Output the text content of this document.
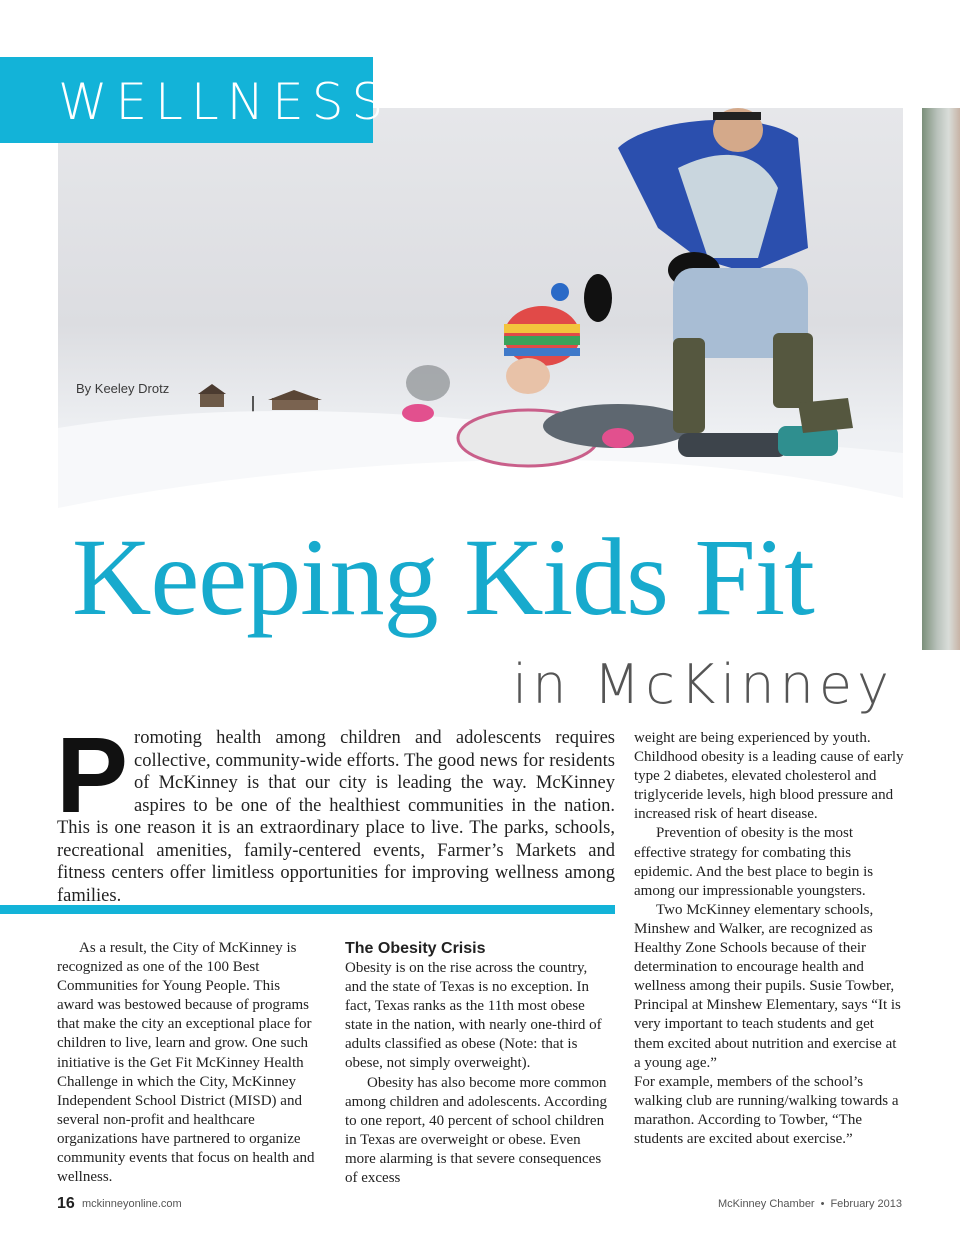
WELLNESS
By Keeley Drotz
Keeping Kids Fit
in McKinney
Promoting health among children and adolescents requires collective, community-wide efforts. The good news for residents of McKinney is that our city is leading the way. McKinney aspires to be one of the healthiest communities in the nation. This is one reason it is an extraordinary place to live. The parks, schools, recreational amenities, family-centered events, Farmer’s Markets and fitness centers offer limitless opportunities for improving wellness among families.

As a result, the City of McKinney is recognized as one of the 100 Best Communities for Young People. This award was bestowed because of programs that make the city an exceptional place for children to live, learn and grow. One such initiative is the Get Fit McKinney Health Challenge in which the City, McKinney Independent School District (MISD) and several non-profit and healthcare organizations have partnered to organize community events that focus on health and wellness.

The Obesity Crisis

Obesity is on the rise across the country, and the state of Texas is no exception. In fact, Texas ranks as the 11th most obese state in the nation, with nearly one-third of adults classified as obese (Note: that is obese, not simply overweight).

Obesity has also become more common among children and adolescents. According to one report, 40 percent of school children in Texas are overweight or obese. Even more alarming is that severe consequences of excess

weight are being experienced by youth. Childhood obesity is a leading cause of early type 2 diabetes, elevated cholesterol and triglyceride levels, high blood pressure and increased risk of heart disease.

Prevention of obesity is the most effective strategy for combating this epidemic. And the best place to begin is among our impressionable youngsters.

Two McKinney elementary schools, Minshew and Walker, are recognized as Healthy Zone Schools because of their determination to encourage health and wellness among their pupils. Susie Towber, Principal at Minshew Elementary, says “It is very important to teach students and get them excited about nutrition and exercise at a young age.”

For example, members of the school’s walking club are running/walking towards a marathon. According to Towber, “The students are excited about exercise.”

16 mckinneyonline.com	McKinney Chamber • February 2013
